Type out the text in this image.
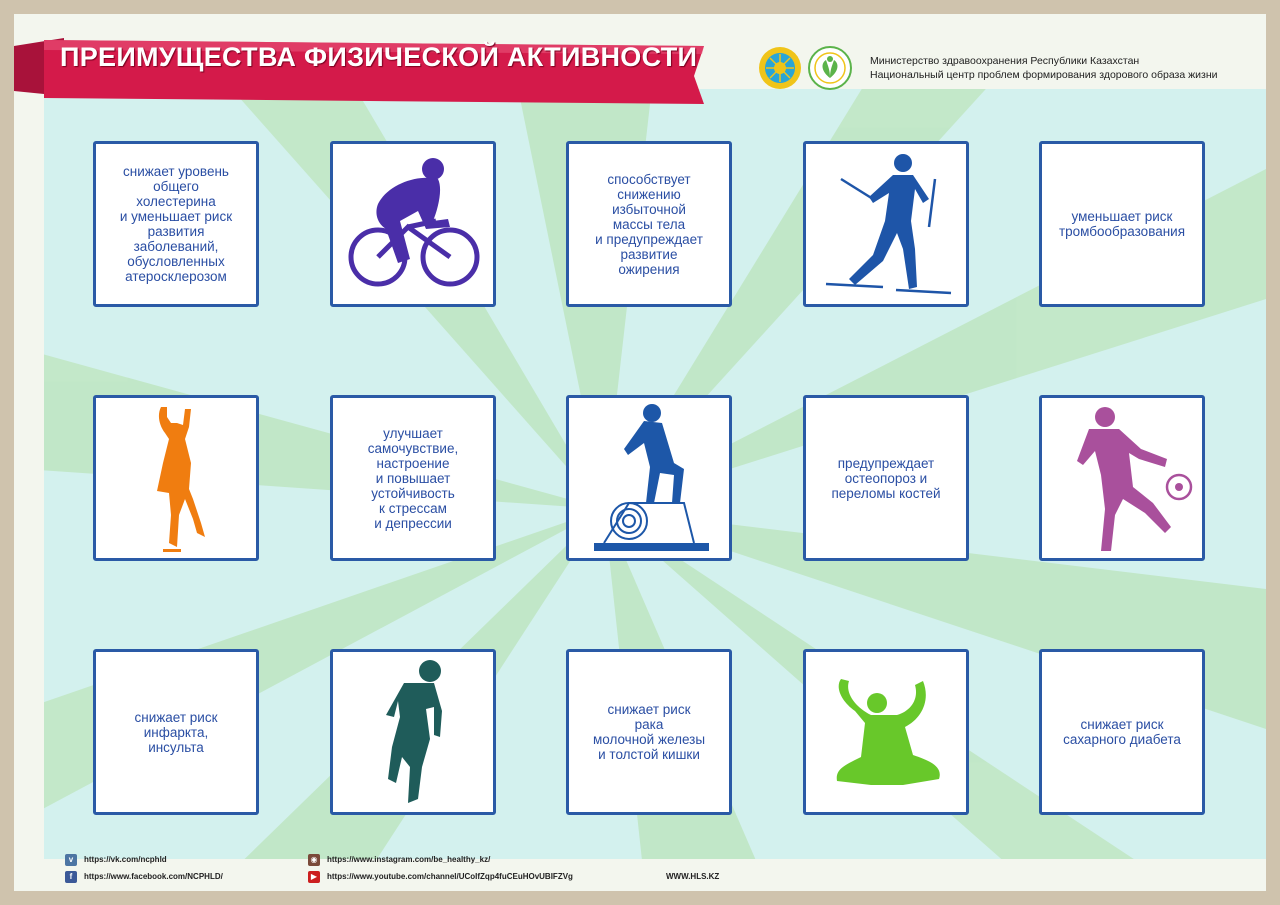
ПРЕИМУЩЕСТВА ФИЗИЧЕСКОЙ АКТИВНОСТИ	Министерство здравоохранения Республики Казахстан
Национальный центр проблем формирования здорового образа жизни
снижает уровень
общего
холестерина
и уменьшает риск
развития
заболеваний,
обусловленных
атеросклерозом
способствует
снижению
избыточной
массы тела
и предупреждает
развитие
ожирения
уменьшает риск
тромбообразования
улучшает
самочувствие,
настроение
и повышает
устойчивость
к стрессам
и депрессии
предупреждает
остеопороз и
переломы костей
снижает риск
инфаркта,
инсульта
снижает риск
рака
молочной железы
и толстой кишки
снижает риск
сахарного диабета
v	https://vk.com/ncphld
f	https://www.facebook.com/NCPHLD/
◉	https://www.instagram.com/be_healthy_kz/
▶	https://www.youtube.com/channel/UCoIfZqp4fuCEuHOvUBIFZVg	WWW.HLS.KZ
